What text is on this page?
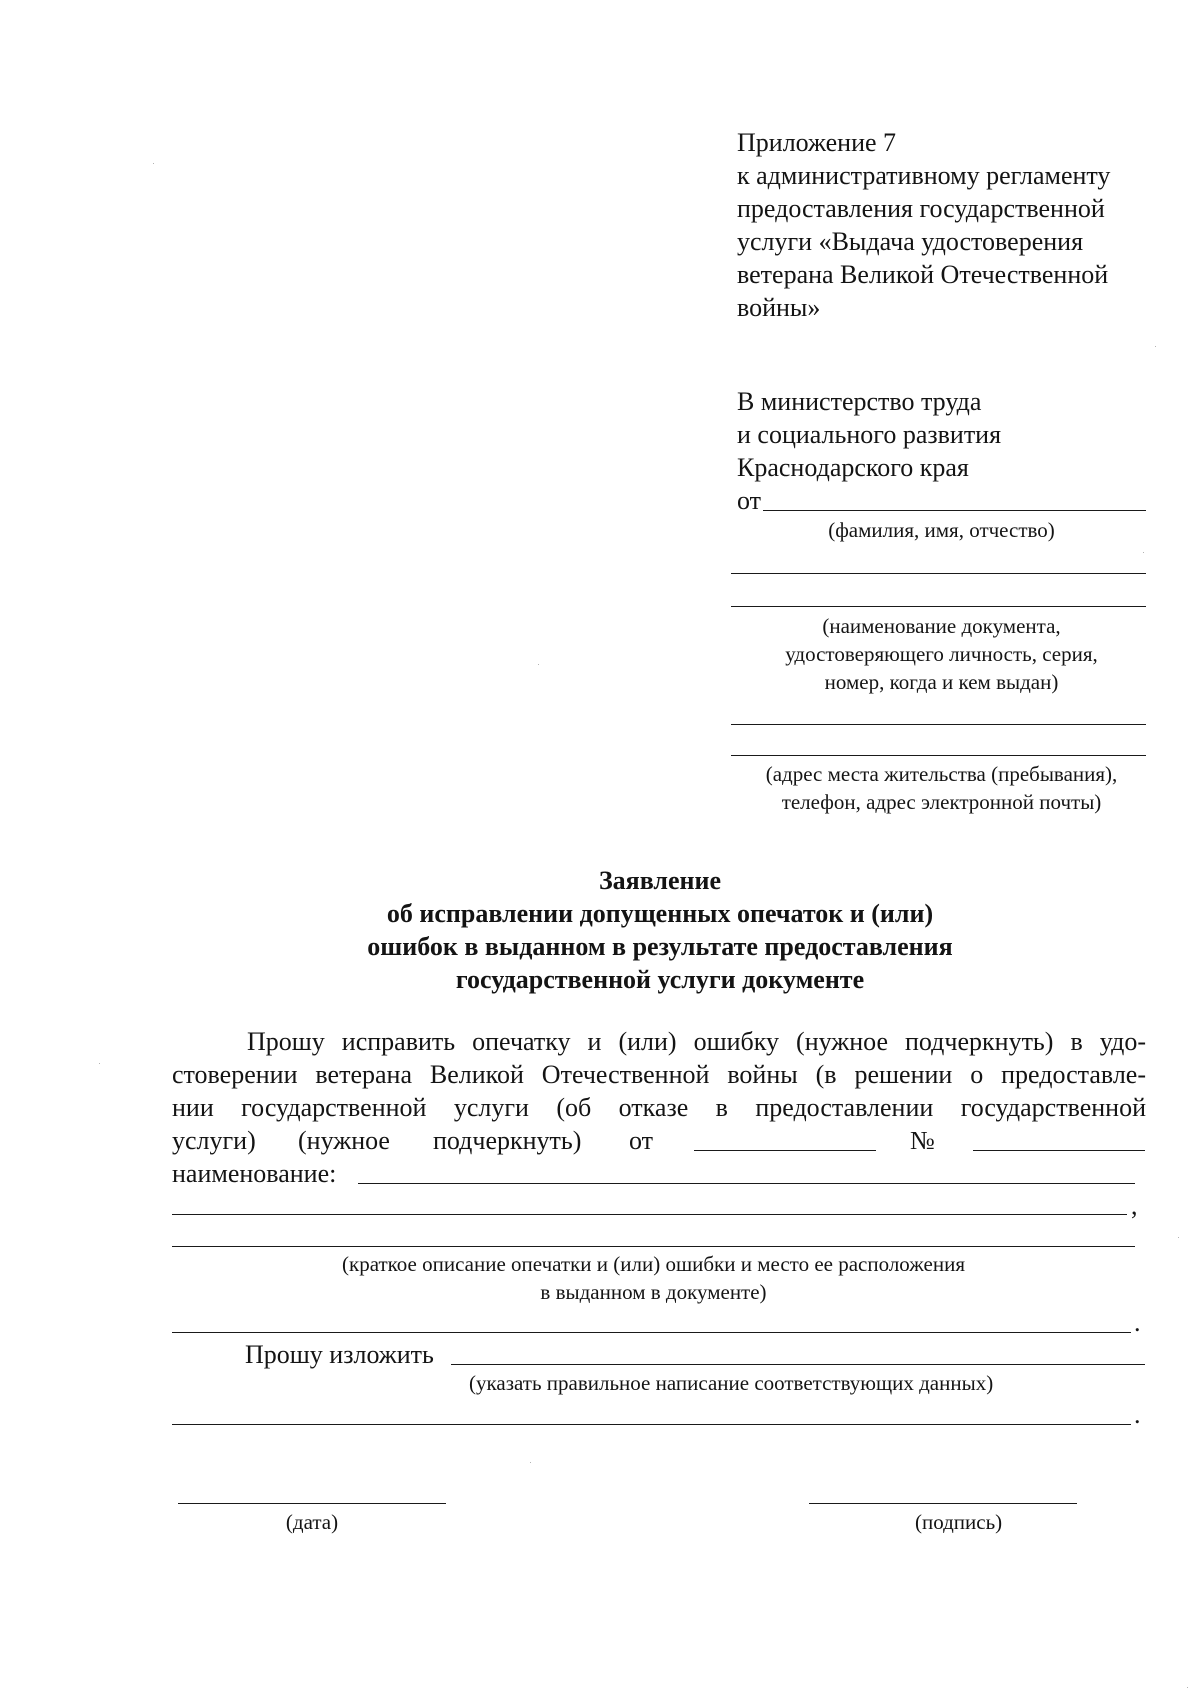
Приложение 7
к административному регламенту
предоставления государственной
услуги «Выдача удостоверения
ветерана Великой Отечественной
войны»
В министерство труда
и социального развития
Краснодарского края
от
(фамилия, имя, отчество)
(наименование документа,
удостоверяющего личность, серия,
номер, когда и кем выдан)
(адрес места жительства (пребывания),
телефон, адрес электронной почты)
Заявление
об исправлении допущенных опечаток и (или)
ошибок в выданном в результате предоставления
государственной услуги документе
Прошу исправить опечатку и (или) ошибку (нужное подчеркнуть) в удо-
стоверении ветерана Великой Отечественной войны (в решении о предоставле-
нии государственной услуги (об отказе в предоставлении государственной
услуги) (нужное подчеркнуть) от	№
наименование:
,
(краткое описание опечатки и (или) ошибки и место ее расположения
в выданном в документе)
.
Прошу изложить
(указать правильное написание соответствующих данных)
.
(дата)	(подпись)
